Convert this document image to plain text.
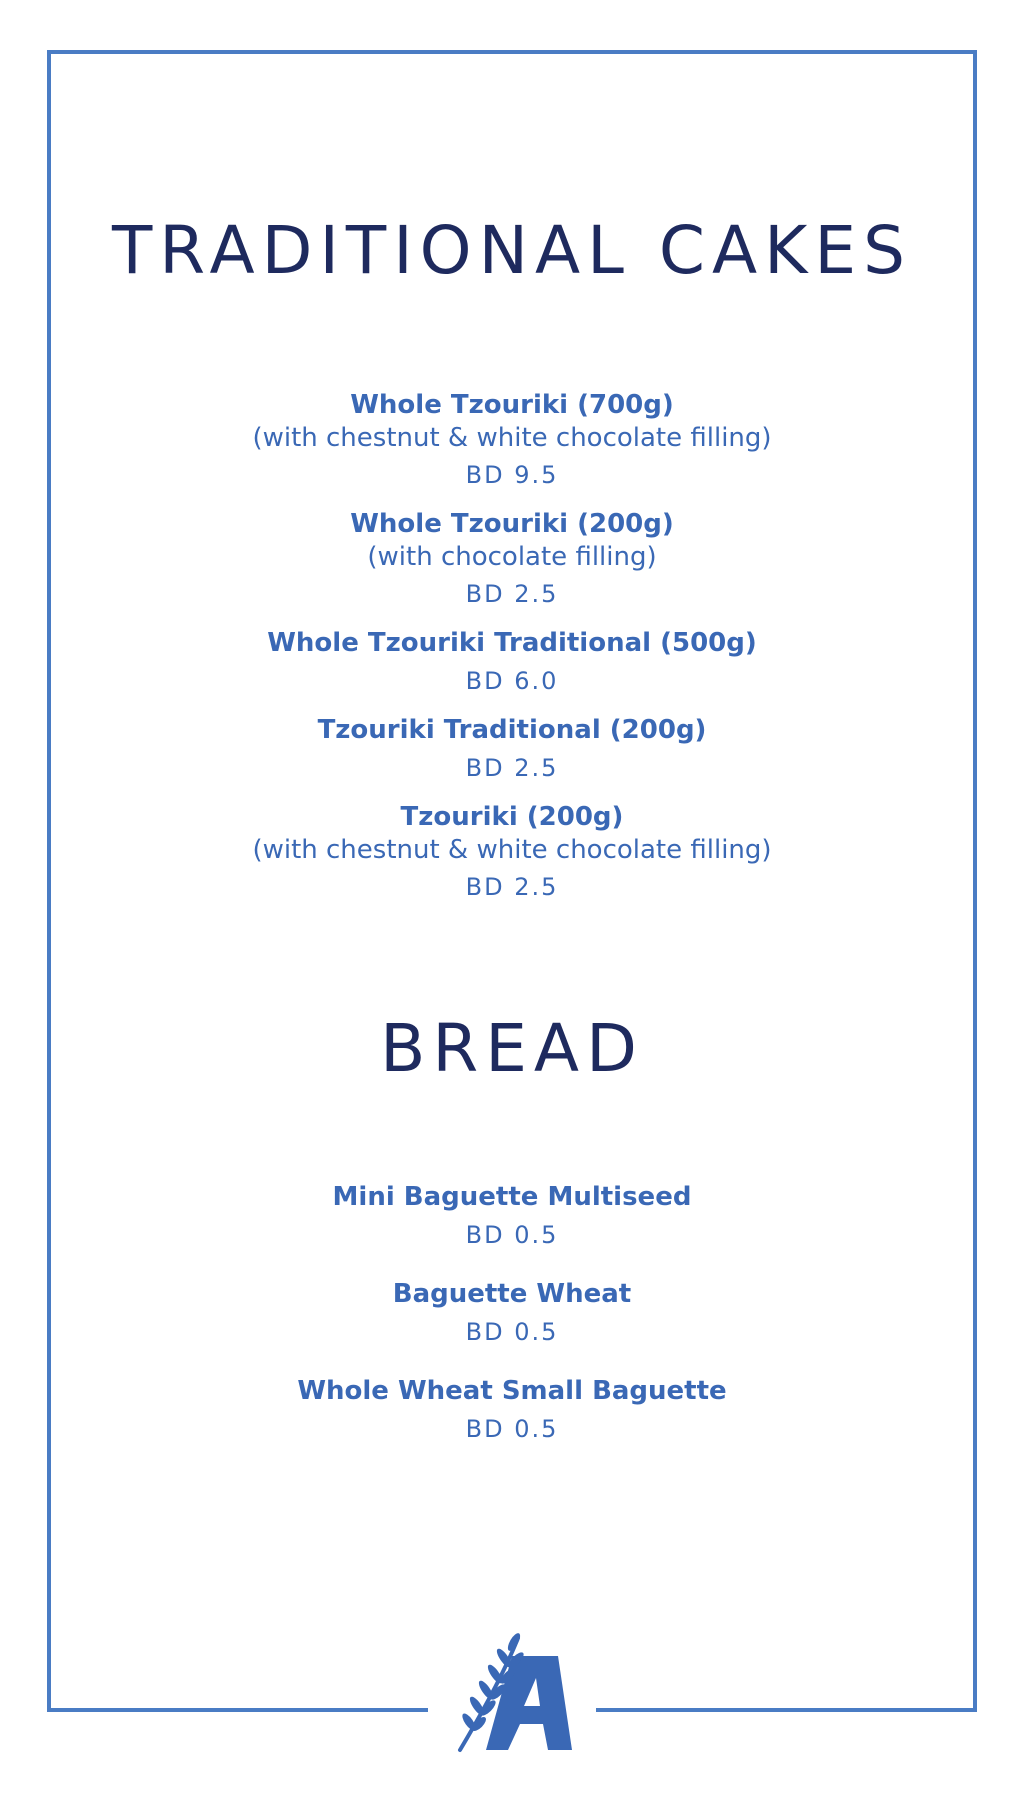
TRADITIONAL CAKES
Whole Tzouriki (700g)
(with chestnut & white chocolate filling)
BD 9.5
Whole Tzouriki (200g)
(with chocolate filling)
BD 2.5
Whole Tzouriki Traditional (500g)
BD 6.0
Tzouriki Traditional (200g)
BD 2.5
Tzouriki (200g)
(with chestnut & white chocolate filling)
BD 2.5
BREAD
Mini Baguette Multiseed
BD 0.5
Baguette Wheat
BD 0.5
Whole Wheat Small Baguette
BD 0.5
